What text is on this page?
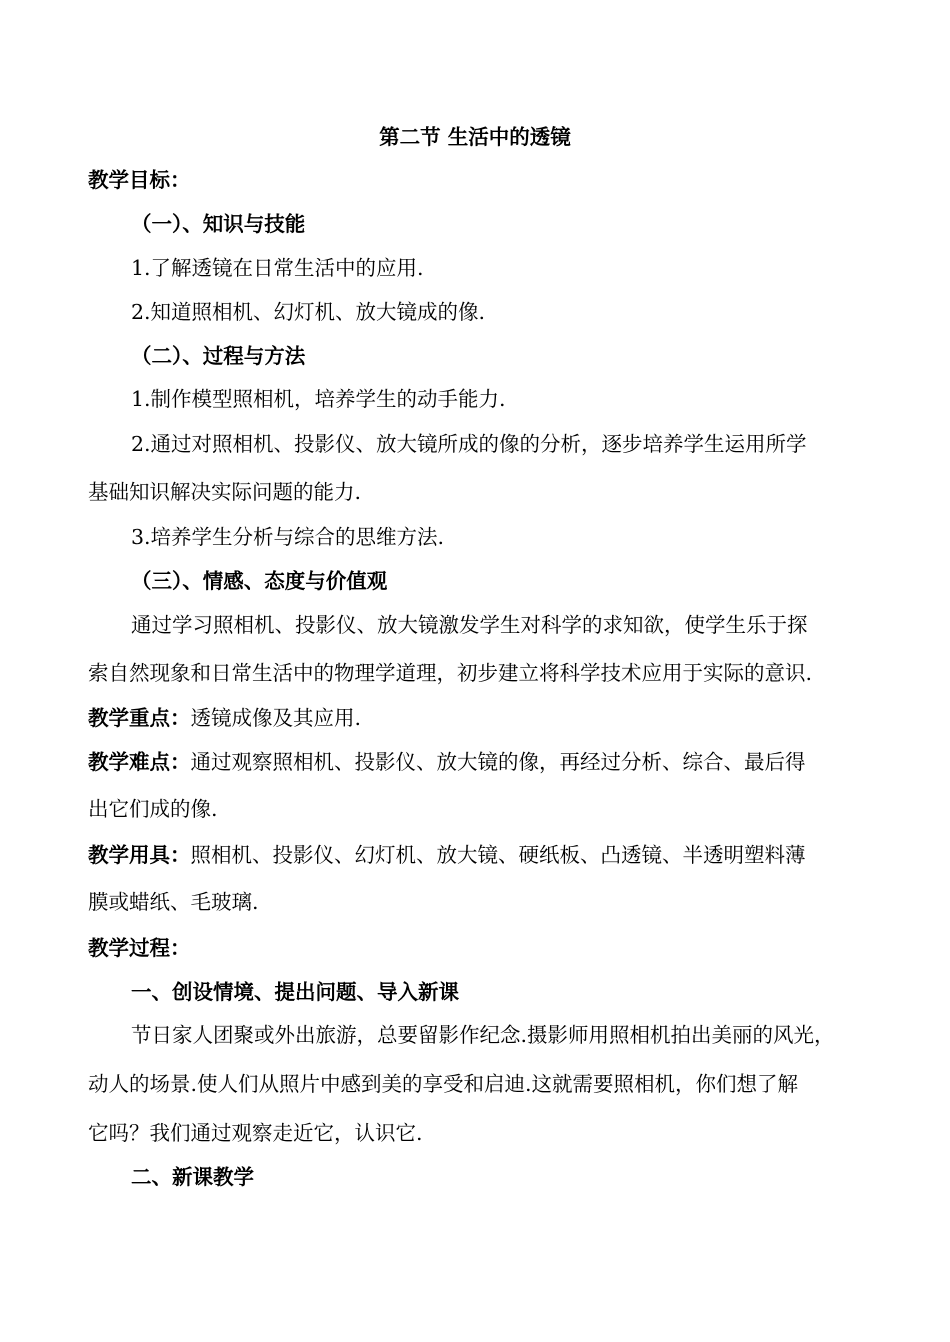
第二节 生活中的透镜
教学目标：
（一）、知识与技能
1.了解透镜在日常生活中的应用.
2.知道照相机、幻灯机、放大镜成的像.
（二）、过程与方法
1.制作模型照相机，培养学生的动手能力.
2.通过对照相机、投影仪、放大镜所成的像的分析，逐步培养学生运用所学
基础知识解决实际问题的能力.
3.培养学生分析与综合的思维方法.
（三）、情感、态度与价值观
通过学习照相机、投影仪、放大镜激发学生对科学的求知欲，使学生乐于探
索自然现象和日常生活中的物理学道理，初步建立将科学技术应用于实际的意识.
教学重点：透镜成像及其应用.
教学难点：通过观察照相机、投影仪、放大镜的像，再经过分析、综合、最后得
出它们成的像.
教学用具：照相机、投影仪、幻灯机、放大镜、硬纸板、凸透镜、半透明塑料薄
膜或蜡纸、毛玻璃.
教学过程：
一、创设情境、提出问题、导入新课
节日家人团聚或外出旅游，总要留影作纪念.摄影师用照相机拍出美丽的风光，
动人的场景.使人们从照片中感到美的享受和启迪.这就需要照相机，你们想了解
它吗？我们通过观察走近它，认识它.
二、新课教学
